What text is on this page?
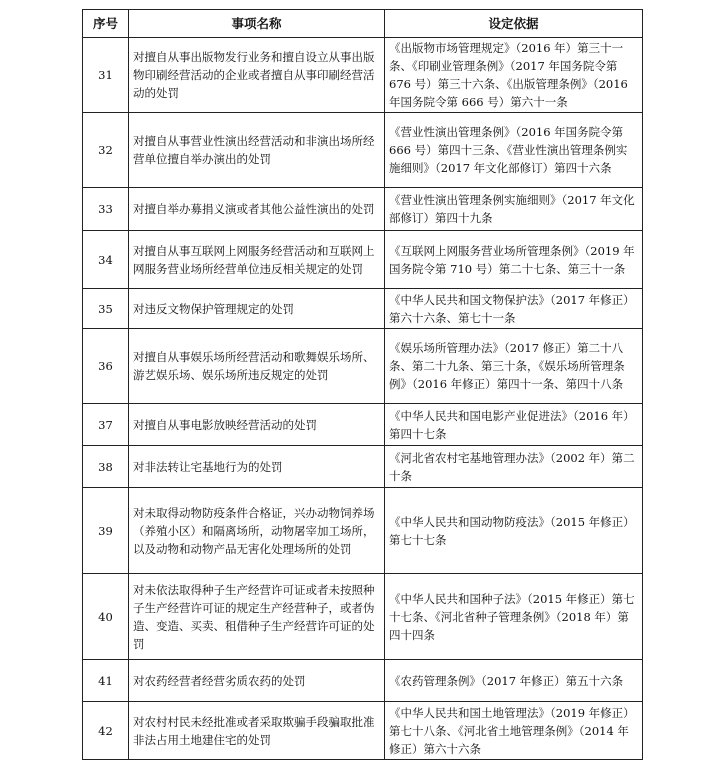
序号	事项名称	设定依据
31	对擅自从事出版物发行业务和擅自设立从事出版物印刷经营活动的企业或者擅自从事印刷经营活动的处罚	《出版物市场管理规定》（2016 年）第三十一条、《印刷业管理条例》（2017 年国务院令第 676 号）第三十六条、《出版管理条例》（2016 年国务院令第 666 号）第六十一条
32	对擅自从事营业性演出经营活动和非演出场所经营单位擅自举办演出的处罚	《营业性演出管理条例》（2016 年国务院令第 666 号）第四十三条、《营业性演出管理条例实施细则》（2017 年文化部修订）第四十六条
33	对擅自举办募捐义演或者其他公益性演出的处罚	《营业性演出管理条例实施细则》（2017 年文化部修订）第四十九条
34	对擅自从事互联网上网服务经营活动和互联网上网服务营业场所经营单位违反相关规定的处罚	《互联网上网服务营业场所管理条例》（2019 年国务院令第 710 号）第二十七条、第三十一条
35	对违反文物保护管理规定的处罚	《中华人民共和国文物保护法》（2017 年修正）第六十六条、第七十一条
36	对擅自从事娱乐场所经营活动和歌舞娱乐场所、游艺娱乐场、娱乐场所违反规定的处罚	《娱乐场所管理办法》（2017 修正）第二十八条、第二十九条、第三十条，《娱乐场所管理条例》（2016 年修正）第四十一条、第四十八条
37	对擅自从事电影放映经营活动的处罚	《中华人民共和国电影产业促进法》（2016 年）第四十七条
38	对非法转让宅基地行为的处罚	《河北省农村宅基地管理办法》（2002 年）第二十条
39	对未取得动物防疫条件合格证，兴办动物饲养场（养殖小区）和隔离场所，动物屠宰加工场所，以及动物和动物产品无害化处理场所的处罚	《中华人民共和国动物防疫法》（2015 年修正）第七十七条
40	对未依法取得种子生产经营许可证或者未按照种子生产经营许可证的规定生产经营种子，或者伪造、变造、买卖、租借种子生产经营许可证的处罚	《中华人民共和国种子法》（2015 年修正）第七十七条、《河北省种子管理条例》（2018 年）第四十四条
41	对农药经营者经营劣质农药的处罚	《农药管理条例》（2017 年修正）第五十六条
42	对农村村民未经批准或者采取欺骗手段骗取批准非法占用土地建住宅的处罚	《中华人民共和国土地管理法》（2019 年修正）第七十八条、《河北省土地管理条例》（2014 年修正）第六十六条
